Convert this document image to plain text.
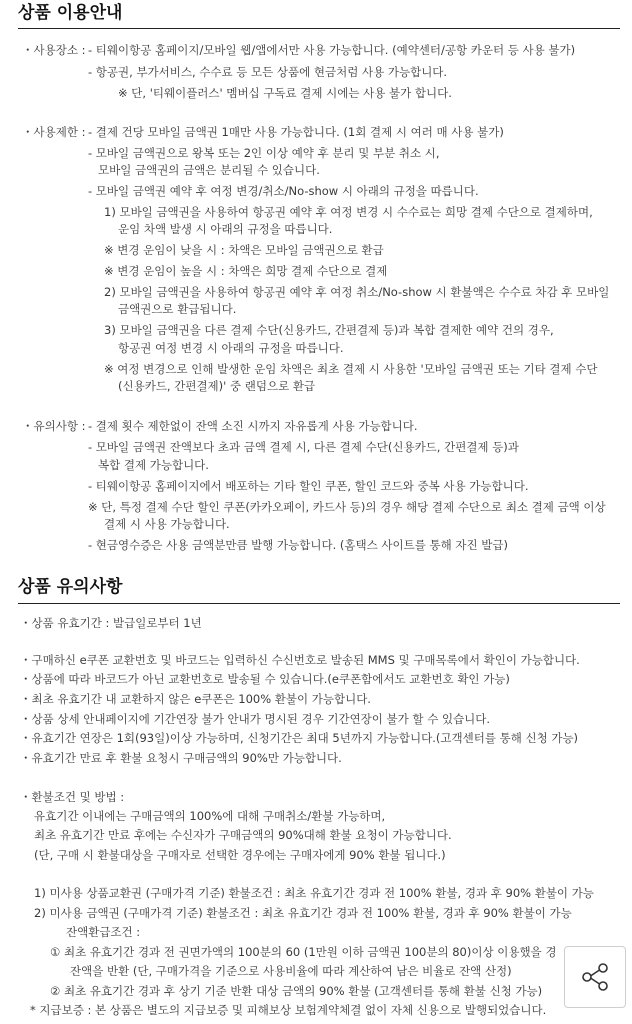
상품 이용안내
・사용장소 : - 티웨이항공 홈페이지/모바일 웹/앱에서만 사용 가능합니다. (예약센터/공항 카운터 등 사용 불가)
- 항공권, 부가서비스, 수수료 등 모든 상품에 현금처럼 사용 가능합니다.
※ 단, '티웨이플러스' 멤버십 구독료 결제 시에는 사용 불가 합니다.
・사용제한 : - 결제 건당 모바일 금액권 1매만 사용 가능합니다. (1회 결제 시 여러 매 사용 불가)
- 모바일 금액권으로 왕복 또는 2인 이상 예약 후 분리 및 부분 취소 시,
모바일 금액권의 금액은 분리될 수 있습니다.
- 모바일 금액권 예약 후 여정 변경/취소/No-show 시 아래의 규정을 따릅니다.
1) 모바일 금액권을 사용하여 항공권 예약 후 여정 변경 시 수수료는 희망 결제 수단으로 결제하며,
운임 차액 발생 시 아래의 규정을 따릅니다.
※ 변경 운임이 낮을 시 : 차액은 모바일 금액권으로 환급
※ 변경 운임이 높을 시 : 차액은 희망 결제 수단으로 결제
2) 모바일 금액권을 사용하여 항공권 예약 후 여정 취소/No-show 시 환불액은 수수료 차감 후 모바일
금액권으로 환급됩니다.
3) 모바일 금액권을 다른 결제 수단(신용카드, 간편결제 등)과 복합 결제한 예약 건의 경우,
항공권 여정 변경 시 아래의 규정을 따릅니다.
※ 여정 변경으로 인해 발생한 운임 차액은 최초 결제 시 사용한 '모바일 금액권 또는 기타 결제 수단
(신용카드, 간편결제)' 중 랜덤으로 환급
・유의사항 : - 결제 횟수 제한없이 잔액 소진 시까지 자유롭게 사용 가능합니다.
- 모바일 금액권 잔액보다 초과 금액 결제 시, 다른 결제 수단(신용카드, 간편결제 등)과
복합 결제 가능합니다.
- 티웨이항공 홈페이지에서 배포하는 기타 할인 쿠폰, 할인 코드와 중복 사용 가능합니다.
※ 단, 특정 결제 수단 할인 쿠폰(카카오페이, 카드사 등)의 경우 해당 결제 수단으로 최소 결제 금액 이상
결제 시 사용 가능합니다.
- 현금영수증은 사용 금액분만큼 발행 가능합니다. (홈택스 사이트를 통해 자진 발급)
상품 유의사항
・상품 유효기간 : 발급일로부터 1년
・구매하신 e쿠폰 교환번호 및 바코드는 입력하신 수신번호로 발송된 MMS 및 구매목록에서 확인이 가능합니다.
・상품에 따라 바코드가 아닌 교환번호로 발송될 수 있습니다.(e쿠폰함에서도 교환번호 확인 가능)
・최초 유효기간 내 교환하지 않은 e쿠폰은 100% 환불이 가능합니다.
・상품 상세 안내페이지에 기간연장 불가 안내가 명시된 경우 기간연장이 불가 할 수 있습니다.
・유효기간 연장은 1회(93일)이상 가능하며, 신청기간은 최대 5년까지 가능합니다.(고객센터를 통해 신청 가능)
・유효기간 만료 후 환불 요청시 구매금액의 90%만 가능합니다.
・환불조건 및 방법 :
유효기간 이내에는 구매금액의 100%에 대해 구매취소/환불 가능하며,
최초 유효기간 만료 후에는 수신자가 구매금액의 90%대해 환불 요청이 가능합니다.
(단, 구매 시 환불대상을 구매자로 선택한 경우에는 구매자에게 90% 환불 됩니다.)
1) 미사용 상품교환권 (구매가격 기준) 환불조건 : 최초 유효기간 경과 전 100% 환불, 경과 후 90% 환불이 가능
2) 미사용 금액권 (구매가격 기준) 환불조건 : 최초 유효기간 경과 전 100% 환불, 경과 후 90% 환불이 가능
잔액환급조건 :
① 최초 유효기간 경과 전 권면가액의 100분의 60 (1만원 이하 금액권 100분의 80)이상 이용했을 경
잔액을 반환 (단, 구매가격을 기준으로 사용비율에 따라 계산하여 남은 비율로 잔액 산정)
② 최초 유효기간 경과 후 상기 기준 반환 대상 금액의 90% 환불 (고객센터를 통해 환불 신청 가능)
* 지급보증 : 본 상품은 별도의 지급보증 및 피해보상 보험계약체결 없이 자체 신용으로 발행되었습니다.
